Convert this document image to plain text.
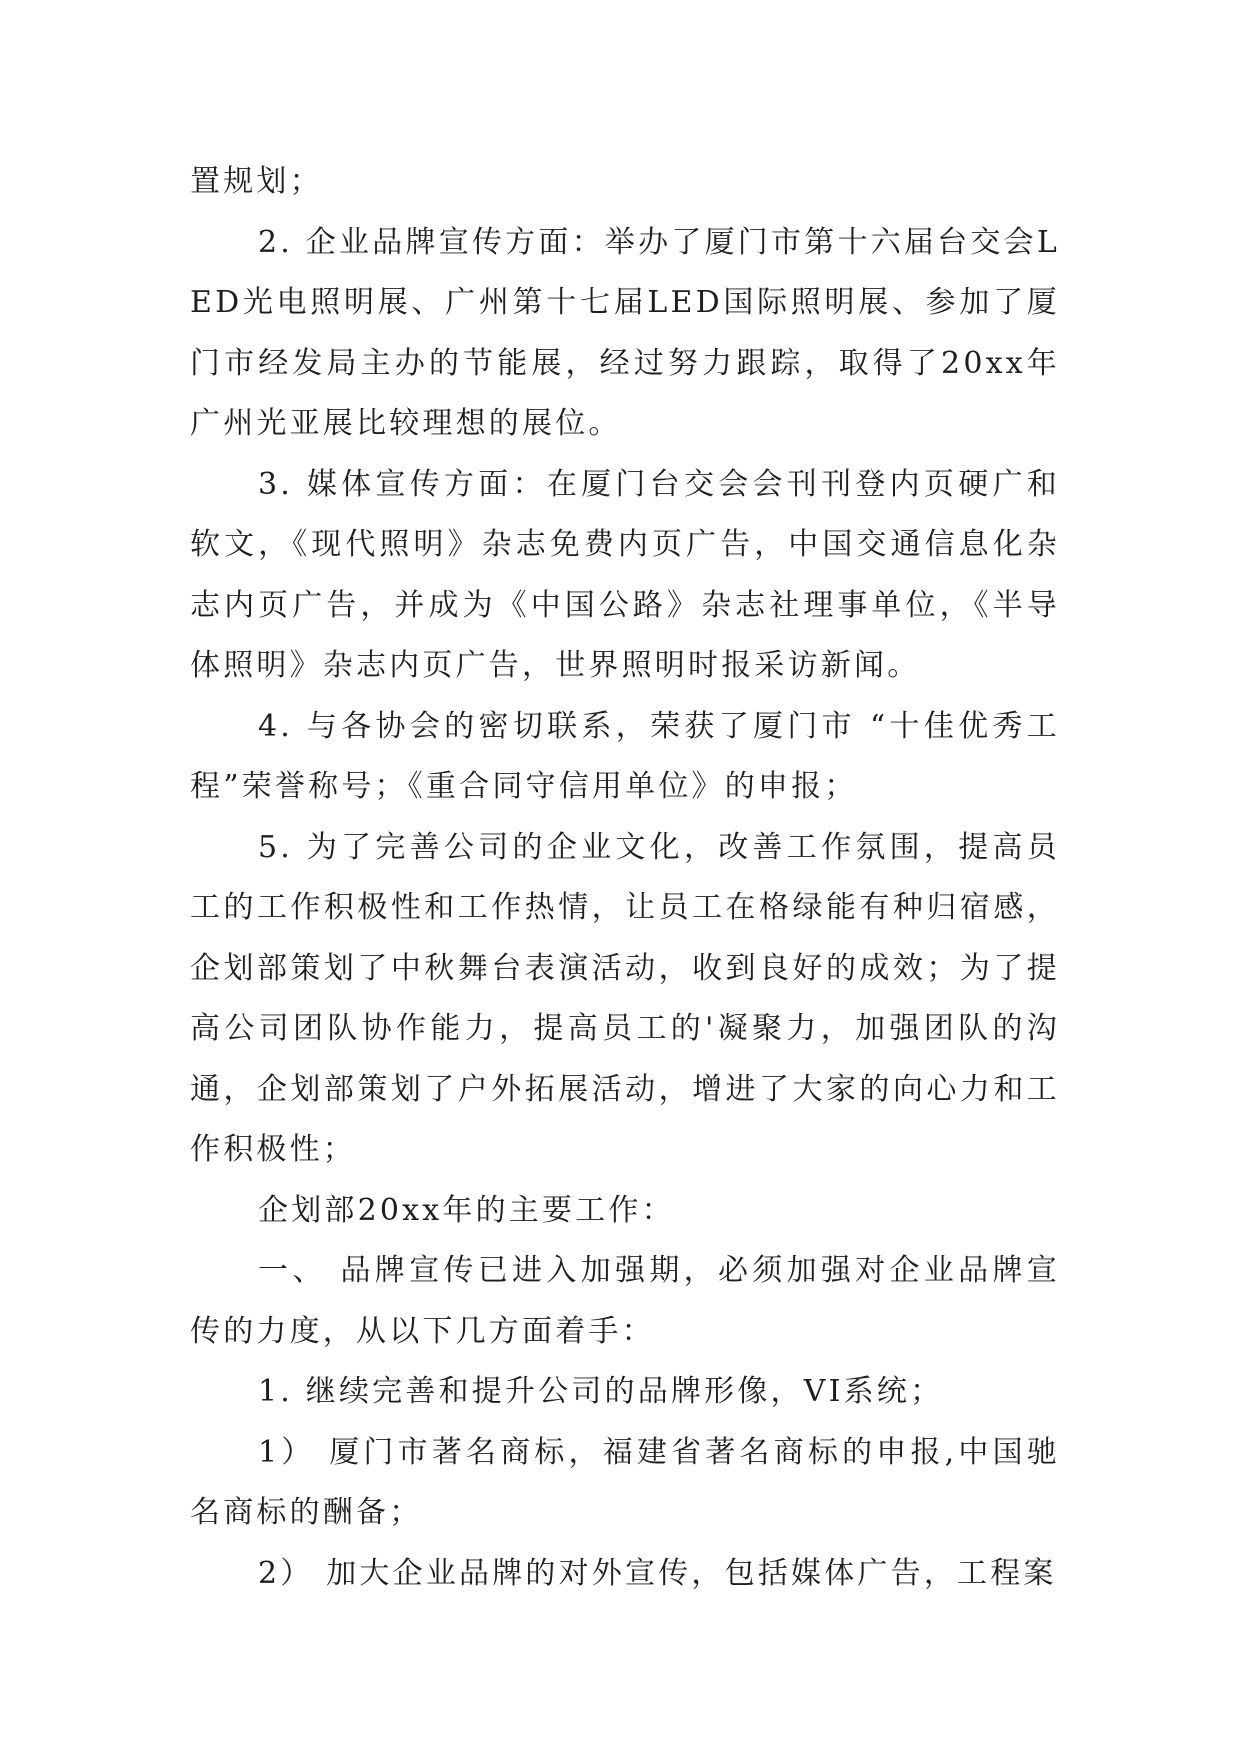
置规划；

2. 企业品牌宣传方面：举办了厦门市第十六届台交会LED光电照明展、广州第十七届LED国际照明展、参加了厦门市经发局主办的节能展，经过努力跟踪，取得了20xx年广州光亚展比较理想的展位。

3. 媒体宣传方面：在厦门台交会会刊刊登内页硬广和软文，《现代照明》杂志免费内页广告，中国交通信息化杂志内页广告，并成为《中国公路》杂志社理事单位，《半导体照明》杂志内页广告，世界照明时报采访新闻。

4. 与各协会的密切联系，荣获了厦门市 “十佳优秀工程”荣誉称号；《重合同守信用单位》的申报；

5. 为了完善公司的企业文化，改善工作氛围，提高员工的工作积极性和工作热情，让员工在格绿能有种归宿感，企划部策划了中秋舞台表演活动，收到良好的成效；为了提高公司团队协作能力，提高员工的'凝聚力，加强团队的沟通，企划部策划了户外拓展活动，增进了大家的向心力和工作积极性；

企划部20xx年的主要工作：

一、 品牌宣传已进入加强期，必须加强对企业品牌宣传的力度，从以下几方面着手：

1. 继续完善和提升公司的品牌形像，VI系统；

1） 厦门市著名商标，福建省著名商标的申报,中国驰名商标的酬备；

2） 加大企业品牌的对外宣传，包括媒体广告，工程案
